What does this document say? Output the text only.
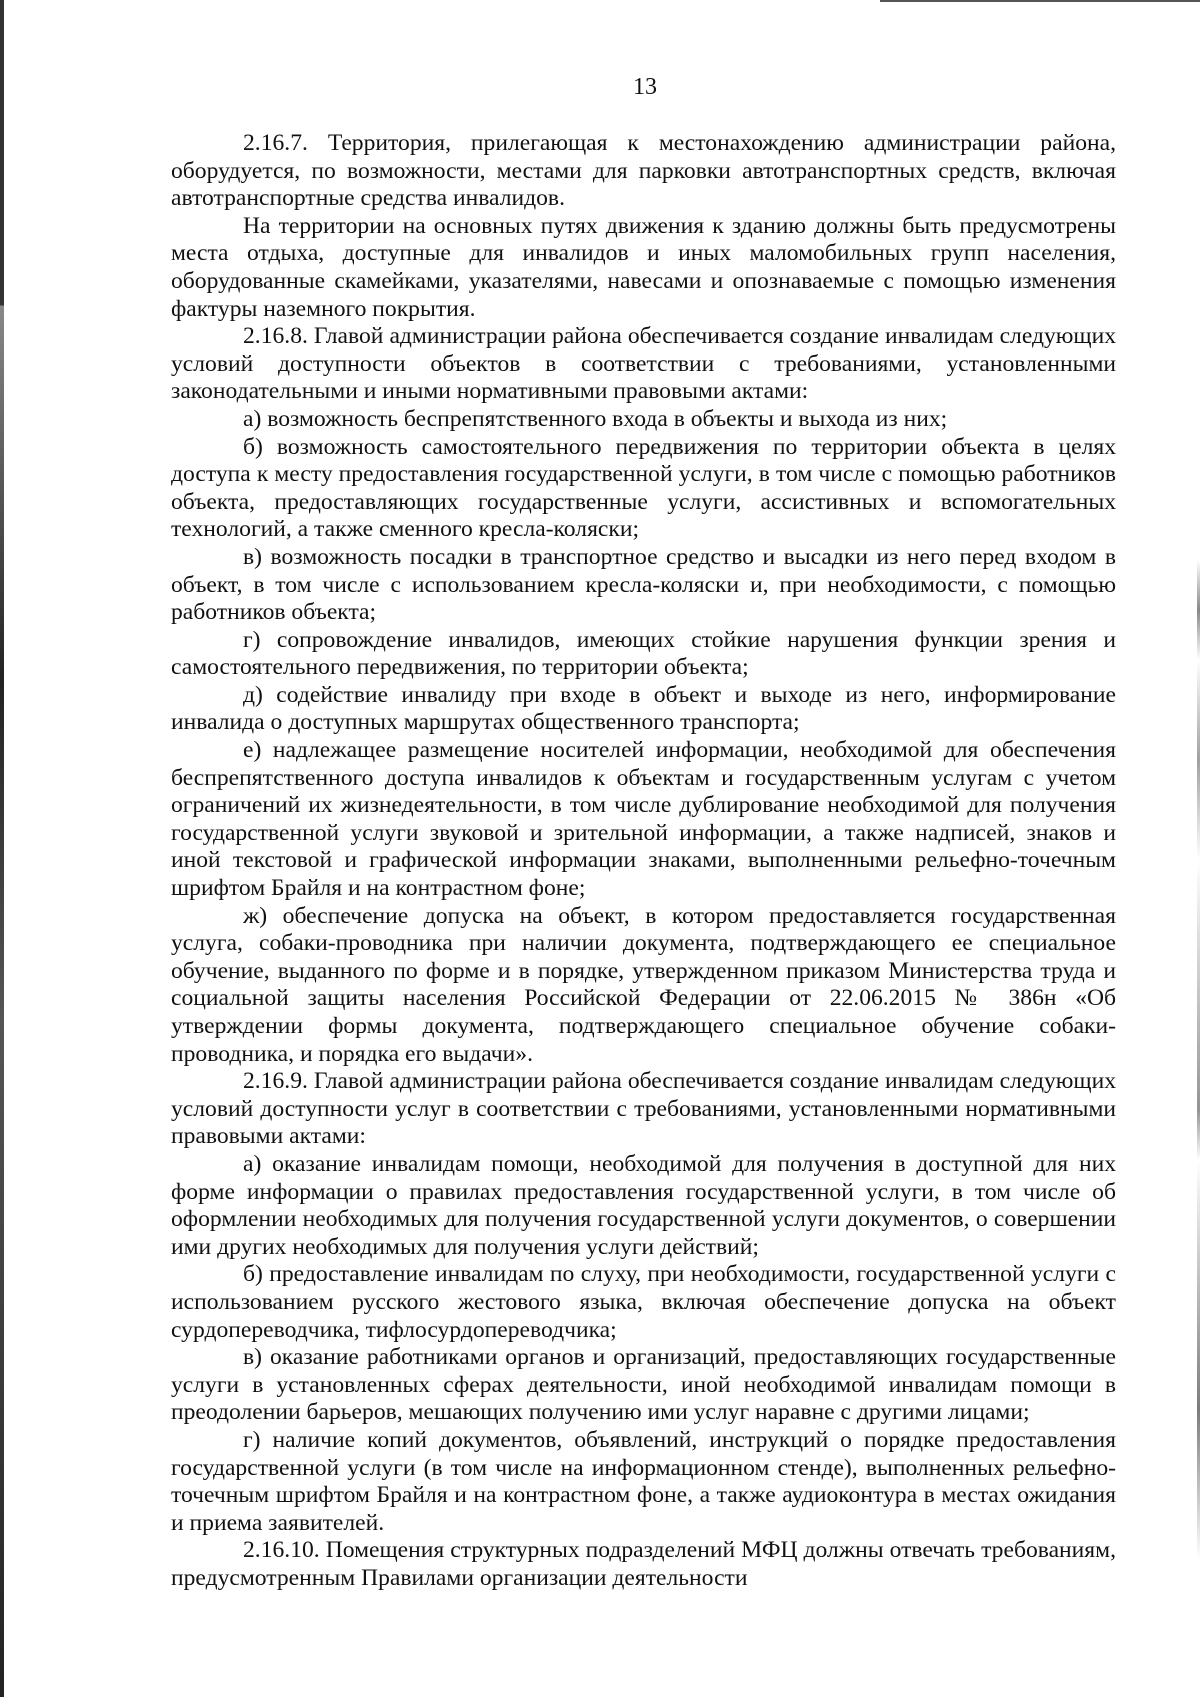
13

2.16.7. Территория, прилегающая к местонахождению администрации района, оборудуется, по возможности, местами для парковки автотранспортных средств, включая автотранспортные средства инвалидов.

На территории на основных путях движения к зданию должны быть предусмотрены места отдыха, доступные для инвалидов и иных маломобильных групп населения, оборудованные скамейками, указателями, навесами и опознаваемые с помощью изменения фактуры наземного покрытия.

2.16.8. Главой администрации района обеспечивается создание инвалидам следующих условий доступности объектов в соответствии с требованиями, установленными законодательными и иными нормативными правовыми актами:

а) возможность беспрепятственного входа в объекты и выхода из них;

б) возможность самостоятельного передвижения по территории объекта в целях доступа к месту предоставления государственной услуги, в том числе с помощью работников объекта, предоставляющих государственные услуги, ассистивных и вспомогательных технологий, а также сменного кресла-коляски;

в) возможность посадки в транспортное средство и высадки из него перед входом в объект, в том числе с использованием кресла-коляски и, при необходимости, с помощью работников объекта;

г) сопровождение инвалидов, имеющих стойкие нарушения функции зрения и самостоятельного передвижения, по территории объекта;

д) содействие инвалиду при входе в объект и выходе из него, информирование инвалида о доступных маршрутах общественного транспорта;

е) надлежащее размещение носителей информации, необходимой для обеспечения беспрепятственного доступа инвалидов к объектам и государственным услугам с учетом ограничений их жизнедеятельности, в том числе дублирование необходимой для получения государственной услуги звуковой и зрительной информации, а также надписей, знаков и иной текстовой и графической информации знаками, выполненными рельефно-точечным шрифтом Брайля и на контрастном фоне;

ж) обеспечение допуска на объект, в котором предоставляется государственная услуга, собаки-проводника при наличии документа, подтверждающего ее специальное обучение, выданного по форме и в порядке, утвержденном приказом Министерства труда и социальной защиты населения Российской Федерации от 22.06.2015 № 386н «Об утверждении формы документа, подтверждающего специальное обучение собаки-проводника, и порядка его выдачи».

2.16.9. Главой администрации района обеспечивается создание инвалидам следующих условий доступности услуг в соответствии с требованиями, установленными нормативными правовыми актами:

а) оказание инвалидам помощи, необходимой для получения в доступной для них форме информации о правилах предоставления государственной услуги, в том числе об оформлении необходимых для получения государственной услуги документов, о совершении ими других необходимых для получения услуги действий;

б) предоставление инвалидам по слуху, при необходимости, государственной услуги с использованием русского жестового языка, включая обеспечение допуска на объект сурдопереводчика, тифлосурдопереводчика;

в) оказание работниками органов и организаций, предоставляющих государственные услуги в установленных сферах деятельности, иной необходимой инвалидам помощи в преодолении барьеров, мешающих получению ими услуг наравне с другими лицами;

г) наличие копий документов, объявлений, инструкций о порядке предоставления государственной услуги (в том числе на информационном стенде), выполненных рельефно-точечным шрифтом Брайля и на контрастном фоне, а также аудиоконтура в местах ожидания и приема заявителей.

2.16.10. Помещения структурных подразделений МФЦ должны отвечать требованиям, предусмотренным Правилами организации деятельности
